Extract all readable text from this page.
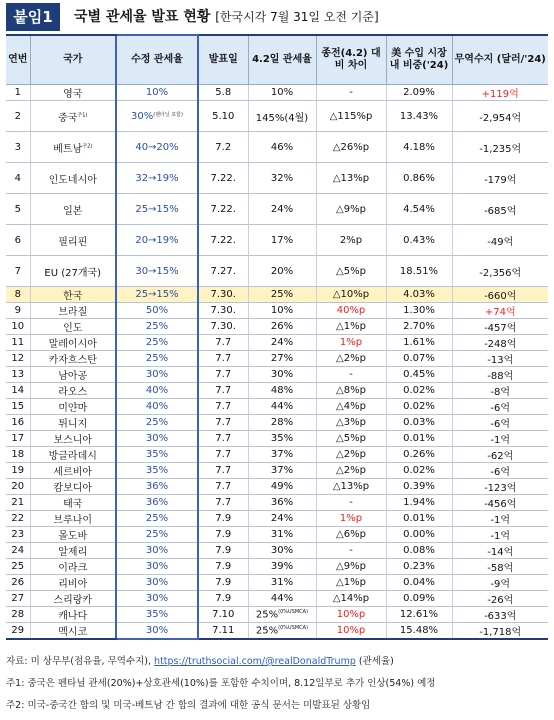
붙임1	국별 관세율 발표 현황 [한국시각 7월 31일 오전 기준]
연번	국가	수정 관세율	발표일	4.2일 관세율	종전(4.2) 대비 차이	美 수입 시장 내 비중('24)	무역수지 (달러/'24)
1	영국	10%	5.8	10%	-	2.09%	+119억
2	중국$^{주1)}$	30%$^{(펜타닐 포함)}$	5.10	145%(4월)	△115%p	13.43%	-2,954억
3	베트남$^{주2)}$	40→20%	7.2	46%	△26%p	4.18%	-1,235억
4	인도네시아	32→19%	7.22.	32%	△13%p	0.86%	-179억
5	일본	25→15%	7.22.	24%	△9%p	4.54%	-685억
6	필리핀	20→19%	7.22.	17%	2%p	0.43%	-49억
7	EU (27개국)	30→15%	7.27.	20%	△5%p	18.51%	-2,356억
8	한국	25→15%	7.30.	25%	△10%p	4.03%	-660억
9	브라질	50%	7.30.	10%	40%p	1.30%	+74억
10	인도	25%	7.30.	26%	△1%p	2.70%	-457억
11	말레이시아	25%	7.7	24%	1%p	1.61%	-248억
12	카자흐스탄	25%	7.7	27%	△2%p	0.07%	-13억
13	남아공	30%	7.7	30%	-	0.45%	-88억
14	라오스	40%	7.7	48%	△8%p	0.02%	-8억
15	미얀마	40%	7.7	44%	△4%p	0.02%	-6억
16	튀니지	25%	7.7	28%	△3%p	0.03%	-6억
17	보스니아	30%	7.7	35%	△5%p	0.01%	-1억
18	방글라데시	35%	7.7	37%	△2%p	0.26%	-62억
19	세르비아	35%	7.7	37%	△2%p	0.02%	-6억
20	캄보디아	36%	7.7	49%	△13%p	0.39%	-123억
21	태국	36%	7.7	36%	-	1.94%	-456억
22	브루나이	25%	7.9	24%	1%p	0.01%	-1억
23	몰도바	25%	7.9	31%	△6%p	0.00%	-1억
24	알제리	30%	7.9	30%	-	0.08%	-14억
25	이라크	30%	7.9	39%	△9%p	0.23%	-58억
26	리비아	30%	7.9	31%	△1%p	0.04%	-9억
27	스리랑카	30%	7.9	44%	△14%p	0.09%	-26억
28	캐나다	35%	7.10	25%$^{(0\%USMCA)}$	10%p	12.61%	-633억
29	멕시코	30%	7.11	25%$^{(0\%USMCA)}$	10%p	15.48%	-1,718억
자료: 미 상무부(점유율, 무역수지), https://truthsocial.com/@realDonaldTrump (관세율)
주1: 중국은 펜타닐 관세(20%)+상호관세(10%)를 포함한 수치이며, 8.12일부로 추가 인상(54%) 예정
주2: 미국-중국간 합의 및 미국-베트남 간 합의 결과에 대한 공식 문서는 미발표된 상황임
